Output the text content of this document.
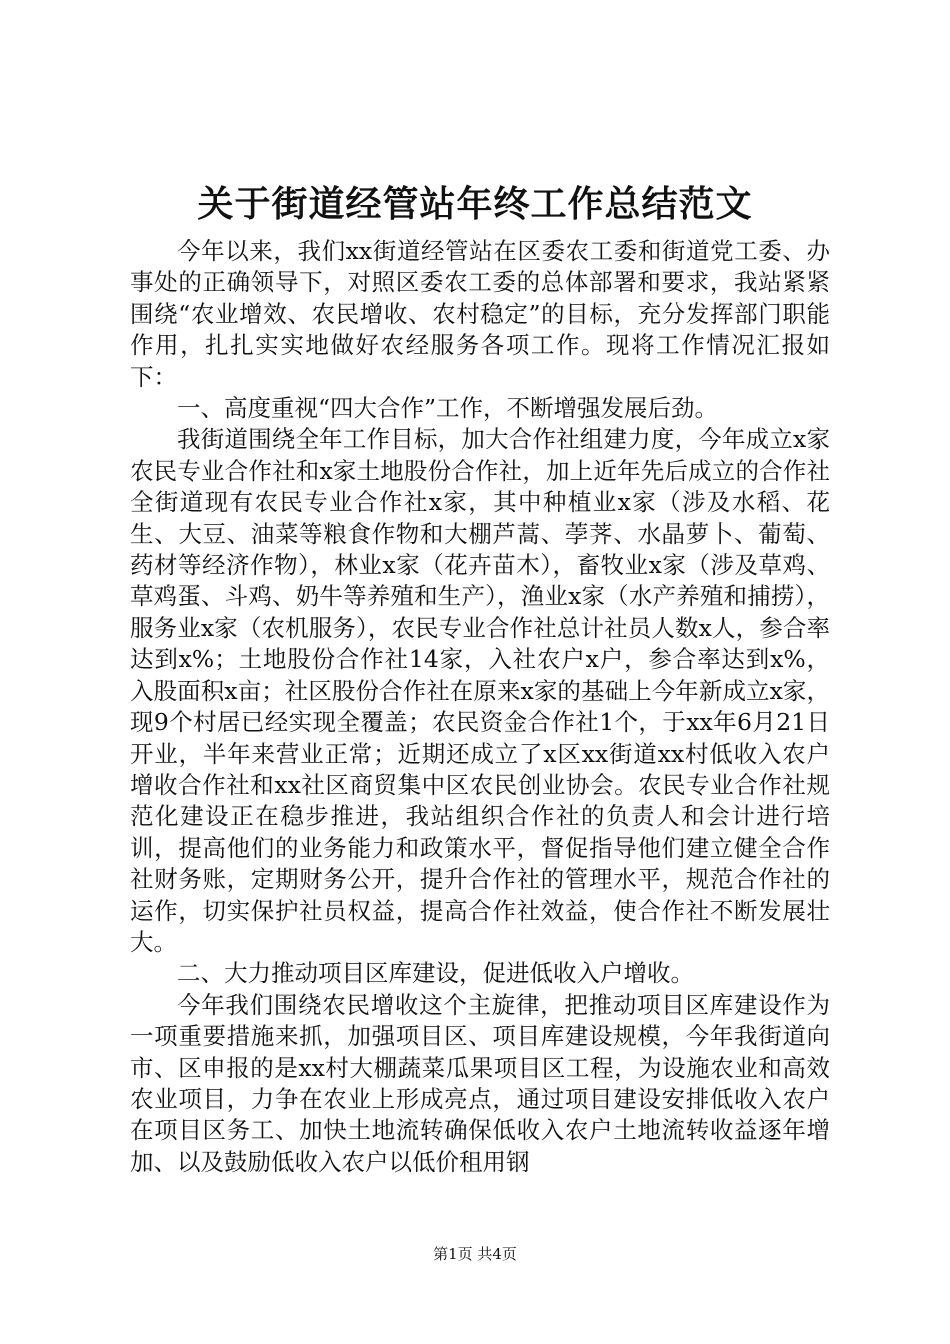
关于街道经管站年终工作总结范文

今年以来，我们xx街道经管站在区委农工委和街道党工委、办事处的正确领导下，对照区委农工委的总体部署和要求，我站紧紧围绕“农业增效、农民增收、农村稳定”的目标，充分发挥部门职能作用，扎扎实实地做好农经服务各项工作。现将工作情况汇报如下：

一、高度重视“四大合作”工作，不断增强发展后劲。

我街道围绕全年工作目标，加大合作社组建力度，今年成立x家农民专业合作社和x家土地股份合作社，加上近年先后成立的合作社全街道现有农民专业合作社x家，其中种植业x家（涉及水稻、花生、大豆、油菜等粮食作物和大棚芦蒿、荸荠、水晶萝卜、葡萄、药材等经济作物），林业x家（花卉苗木），畜牧业x家（涉及草鸡、草鸡蛋、斗鸡、奶牛等养殖和生产），渔业x家（水产养殖和捕捞），服务业x家（农机服务），农民专业合作社总计社员人数x人，参合率达到x%；土地股份合作社14家，入社农户x户，参合率达到x%，入股面积x亩；社区股份合作社在原来x家的基础上今年新成立x家，现9个村居已经实现全覆盖；农民资金合作社1个，于xx年6月21日开业，半年来营业正常；近期还成立了x区xx街道xx村低收入农户增收合作社和xx社区商贸集中区农民创业协会。农民专业合作社规范化建设正在稳步推进，我站组织合作社的负责人和会计进行培训，提高他们的业务能力和政策水平，督促指导他们建立健全合作社财务账，定期财务公开，提升合作社的管理水平，规范合作社的运作，切实保护社员权益，提高合作社效益，使合作社不断发展壮大。

二、大力推动项目区库建设，促进低收入户增收。

今年我们围绕农民增收这个主旋律，把推动项目区库建设作为一项重要措施来抓，加强项目区、项目库建设规模，今年我街道向市、区申报的是xx村大棚蔬菜瓜果项目区工程，为设施农业和高效农业项目，力争在农业上形成亮点，通过项目建设安排低收入农户在项目区务工、加快土地流转确保低收入农户土地流转收益逐年增加、以及鼓励低收入农户以低价租用钢

第1页 共4页
